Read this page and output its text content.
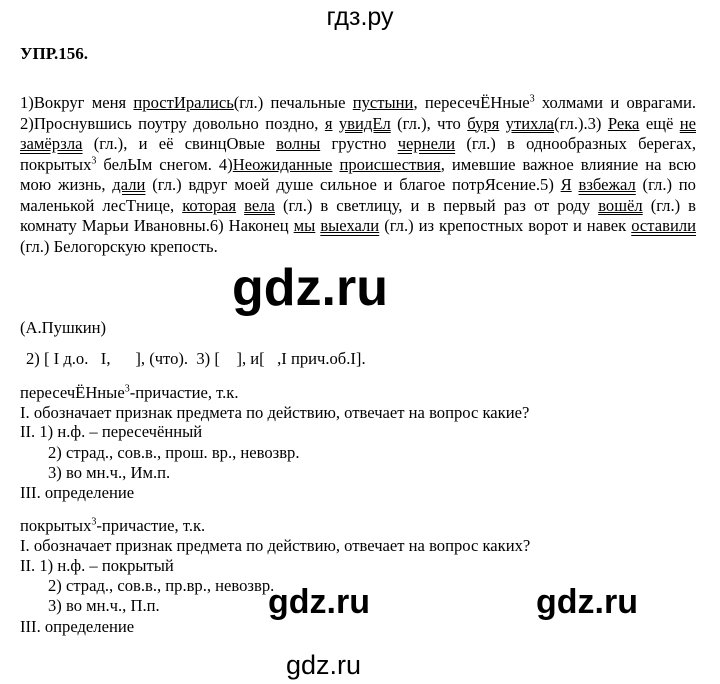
гдз.ру
УПР.156.
1)Вокруг меня простИрались(гл.) печальные пустыни, пересечЁНные$^3$ холмами и оврагами. 2)Проснувшись поутру довольно поздно, я увидЕл (гл.), что буря утихла(гл.).3) Река ещё не замёрзла (гл.), и её свинцОвые волны грустно чернели (гл.) в однообразных берегах, покрытых$^3$ белЫм снегом. 4)Неожиданные происшествия, имевшие важное влияние на всю мою жизнь, дали (гл.) вдруг моей душе сильное и благое потрЯсение.5) Я взбежал (гл.) по маленькой лесТнице, которая вела (гл.) в светлицу, и в первый раз от роду вошёл (гл.) в комнату Марьи Ивановны.6) Наконец мы выехали (гл.) из крепостных ворот и навек оставили (гл.) Белогорскую крепость.
(А.Пушкин)
gdz.ru
2) [ I д.о.   I,      ], (что).  3) [    ], и[   ,I прич.об.I].
пересечЁНные$^3$-причастие, т.к.
I. обозначает признак предмета по действию, отвечает на вопрос какие?
II. 1) н.ф. – пересечённый
2) страд., сов.в., прош. вр., невозвр.
3) во мн.ч., Им.п.
III. определение
покрытых$^3$-причастие, т.к.
I. обозначает признак предмета по действию, отвечает на вопрос каких?
II. 1) н.ф. – покрытый
2) страд., сов.в., пр.вр., невозвр.
3) во мн.ч., П.п.
III. определение
gdz.ru	gdz.ru
gdz.ru
